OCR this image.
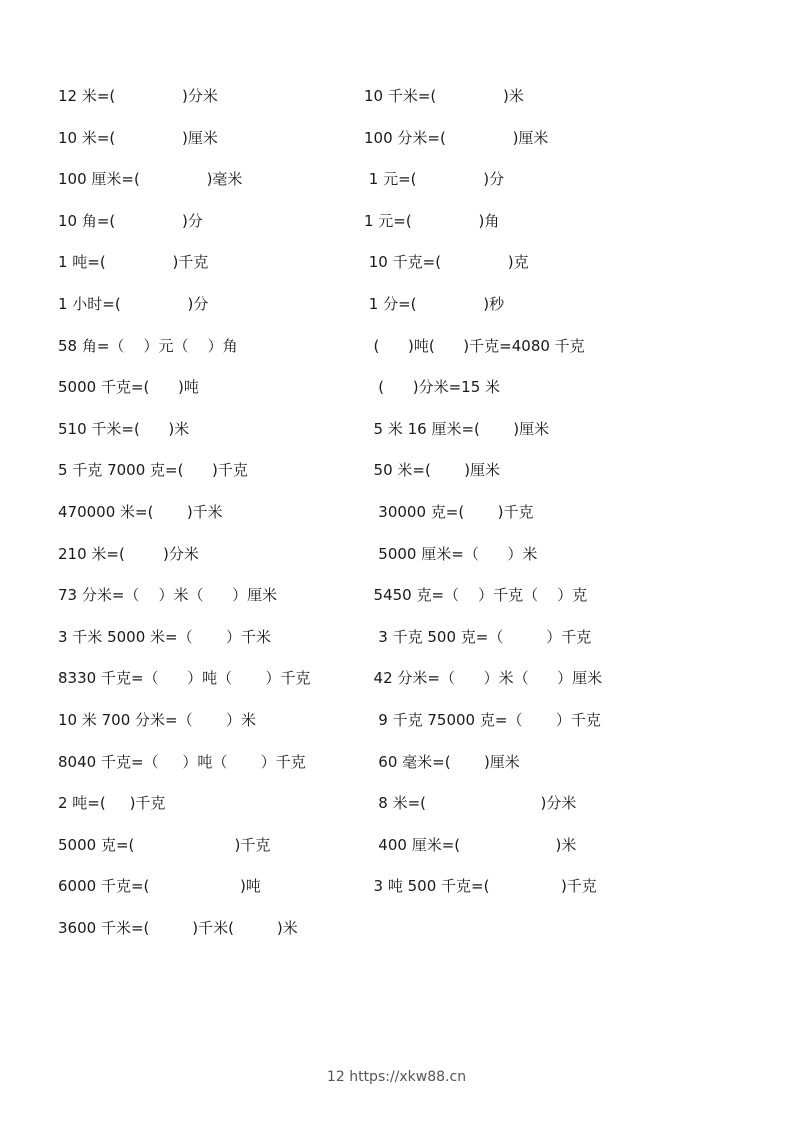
12 米=(              )分米	10 千米=(              )米
10 米=(              )厘米	100 分米=(              )厘米
100 厘米=(              )毫米	1 元=(              )分
10 角=(              )分	1 元=(              )角
1 吨=(              )千克	10 千克=(              )克
1 小时=(              )分	1 分=(              )秒
58 角=（    ）元（    ）角	(      )吨(      )千克=4080 千克
5000 千克=(      )吨	(      )分米=15 米
510 千米=(      )米	5 米 16 厘米=(       )厘米
5 千克 7000 克=(      )千克	50 米=(       )厘米
470000 米=(       )千米	30000 克=(       )千克
210 米=(        )分米	5000 厘米=（      ）米
73 分米=（    ）米（      ）厘米	5450 克=（    ）千克（    ）克
3 千米 5000 米=（       ）千米	3 千克 500 克=（         ）千克
8330 千克=（      ）吨（       ）千克	42 分米=（      ）米（      ）厘米
10 米 700 分米=（       ）米	9 千克 75000 克=（       ）千克
8040 千克=（     ）吨（       ）千克	60 毫米=(       )厘米
2 吨=(     )千克	8 米=(                        )分米
5000 克=(                     )千克	400 厘米=(                    )米
6000 千克=(                   )吨	3 吨 500 千克=(               )千克
3600 千米=(         )千米(         )米
12 https://xkw88.cn
